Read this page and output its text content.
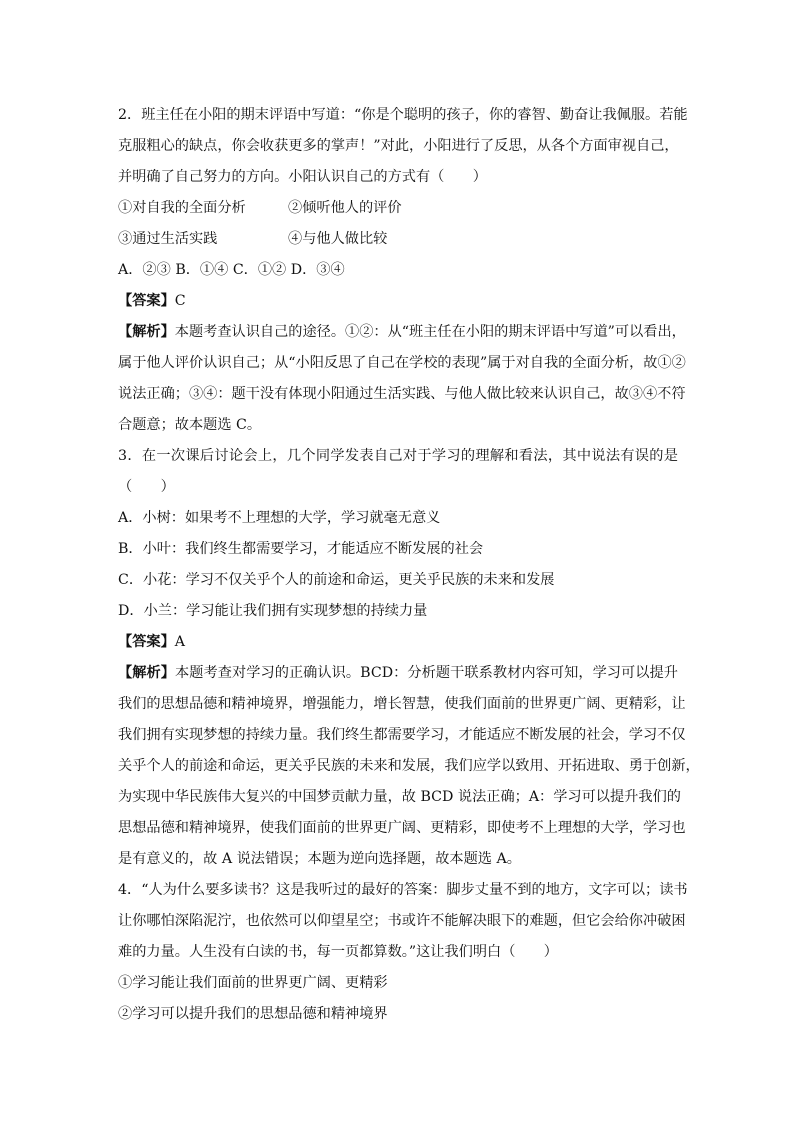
2．班主任在小阳的期末评语中写道：“你是个聪明的孩子，你的睿智、勤奋让我佩服。若能
克服粗心的缺点，你会收获更多的掌声！”对此，小阳进行了反思，从各个方面审视自己，
并明确了自己努力的方向。小阳认识自己的方式有（　　）
①对自我的全面分析	②倾听他人的评价
③通过生活实践	④与他人做比较
A．②③ B．①④ C．①② D．③④
【答案】C
【解析】本题考查认识自己的途径。①②：从“班主任在小阳的期末评语中写道”可以看出，
属于他人评价认识自己；从“小阳反思了自己在学校的表现”属于对自我的全面分析，故①②
说法正确；③④：题干没有体现小阳通过生活实践、与他人做比较来认识自己，故③④不符
合题意；故本题选 C。
3．在一次课后讨论会上，几个同学发表自己对于学习的理解和看法，其中说法有误的是
（　　）
A．小树：如果考不上理想的大学，学习就毫无意义
B．小叶：我们终生都需要学习，才能适应不断发展的社会
C．小花：学习不仅关乎个人的前途和命运，更关乎民族的未来和发展
D．小兰：学习能让我们拥有实现梦想的持续力量
【答案】A
【解析】本题考查对学习的正确认识。BCD：分析题干联系教材内容可知，学习可以提升
我们的思想品德和精神境界，增强能力，增长智慧，使我们面前的世界更广阔、更精彩，让
我们拥有实现梦想的持续力量。我们终生都需要学习，才能适应不断发展的社会，学习不仅
关乎个人的前途和命运，更关乎民族的未来和发展，我们应学以致用、开拓进取、勇于创新，
为实现中华民族伟大复兴的中国梦贡献力量，故 BCD 说法正确；A：学习可以提升我们的
思想品德和精神境界，使我们面前的世界更广阔、更精彩，即使考不上理想的大学，学习也
是有意义的，故 A 说法错误；本题为逆向选择题，故本题选 A。
4．“人为什么要多读书？这是我听过的最好的答案：脚步丈量不到的地方，文字可以；读书
让你哪怕深陷泥泞，也依然可以仰望星空；书或许不能解决眼下的难题，但它会给你冲破困
难的力量。人生没有白读的书，每一页都算数。”这让我们明白（　　）
①学习能让我们面前的世界更广阔、更精彩
②学习可以提升我们的思想品德和精神境界
